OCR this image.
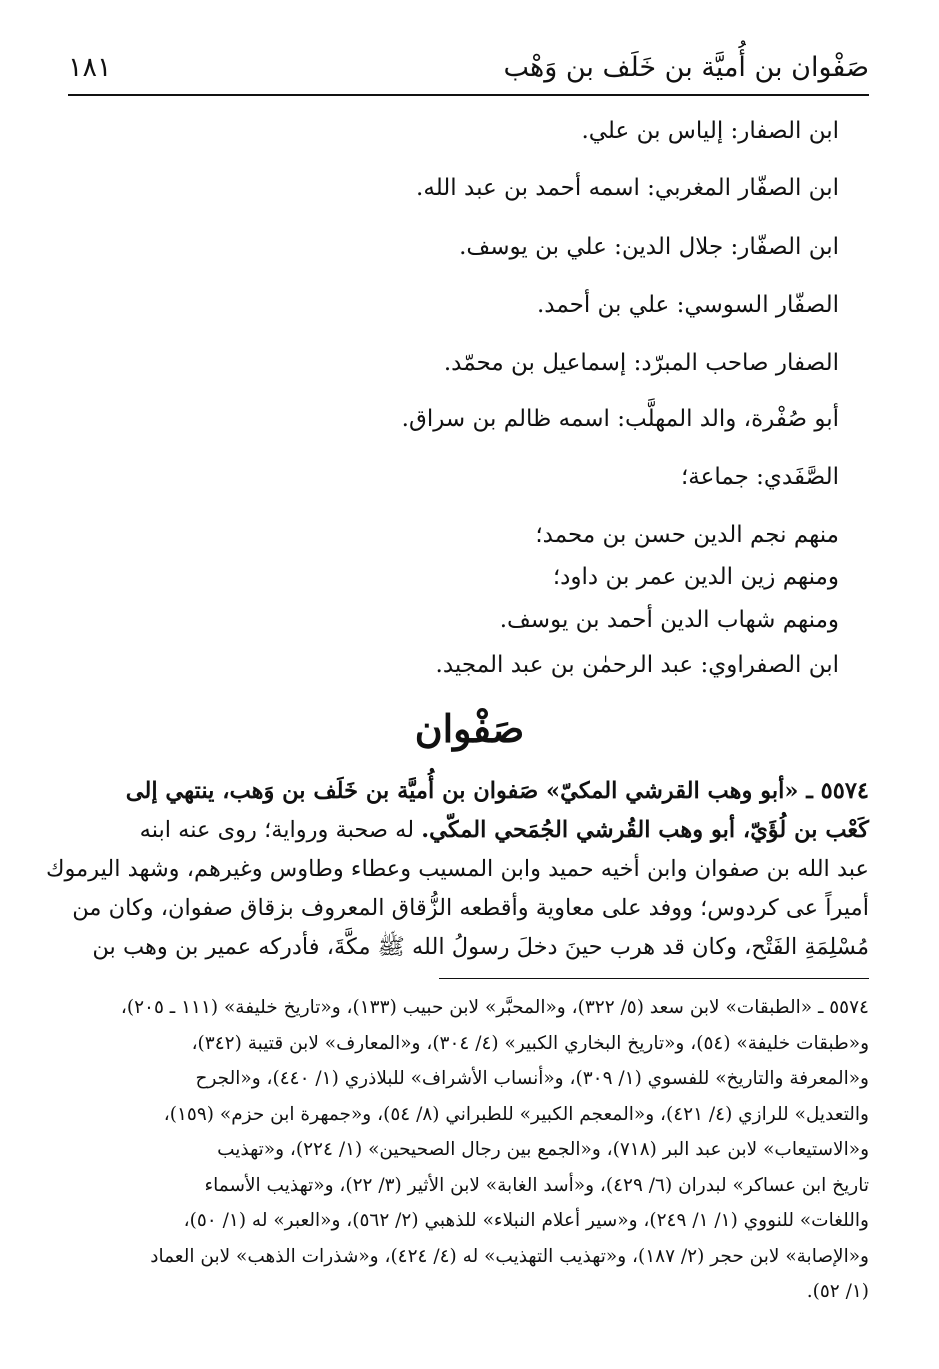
صَفْوان بن أُميَّة بن خَلَف بن وَهْب
١٨١
ابن الصفار: إلياس بن علي.
ابن الصفّار المغربي: اسمه أحمد بن عبد الله.
ابن الصفّار: جلال الدين: علي بن يوسف.
الصفّار السوسي: علي بن أحمد.
الصفار صاحب المبرّد: إسماعيل بن محمّد.
أبو صُفْرة، والد المهلَّب: اسمه ظالم بن سراق.
الصَّفَدي: جماعة؛
منهم نجم الدين حسن بن محمد؛
ومنهم زين الدين عمر بن داود؛
ومنهم شهاب الدين أحمد بن يوسف.
ابن الصفراوي: عبد الرحمٰن بن عبد المجيد.
صَفْوان
٥٥٧٤ ـ «أبو وهب القرشي المكيّ» صَفوان بن أُميَّة بن خَلَف بن وَهب، ينتهي إلى
كَعْب بن لُؤَيّ، أبو وهب القُرشي الجُمَحي المكّي. له صحبة ورواية؛ روى عنه ابنه
عبد الله بن صفوان وابن أخيه حميد وابن المسيب وعطاء وطاوس وغيرهم، وشهد اليرموك
أميراً عى كردوس؛ ووفد على معاوية وأقطعه الزُّقاق المعروف بزقاق صفوان، وكان من
مُسْلِمَةِ الفَتْح، وكان قد هرب حينَ دخلَ رسولُ الله ﷺ مكَّةَ، فأدركه عمير بن وهب بن
٥٥٧٤ ـ «الطبقات» لابن سعد (٥/ ٣٢٢)، و«المحبَّر» لابن حبيب (١٣٣)، و«تاريخ خليفة» (١١١ ـ ٢٠٥)،
و«طبقات خليفة» (٥٤)، و«تاريخ البخاري الكبير» (٤/ ٣٠٤)، و«المعارف» لابن قتيبة (٣٤٢)،
و«المعرفة والتاريخ» للفسوي (١/ ٣٠٩)، و«أنساب الأشراف» للبلاذري (١/ ٤٤٠)، و«الجرح
والتعديل» للرازي (٤/ ٤٢١)، و«المعجم الكبير» للطبراني (٨/ ٥٤)، و«جمهرة ابن حزم» (١٥٩)،
و«الاستيعاب» لابن عبد البر (٧١٨)، و«الجمع بين رجال الصحيحين» (١/ ٢٢٤)، و«تهذيب
تاريخ ابن عساكر» لبدران (٦/ ٤٢٩)، و«أسد الغابة» لابن الأثير (٣/ ٢٢)، و«تهذيب الأسماء
واللغات» للنووي (١/ ١/ ٢٤٩)، و«سير أعلام النبلاء» للذهبي (٢/ ٥٦٢)، و«العبر» له (١/ ٥٠)،
و«الإصابة» لابن حجر (٢/ ١٨٧)، و«تهذيب التهذيب» له (٤/ ٤٢٤)، و«شذرات الذهب» لابن العماد
(١/ ٥٢).
